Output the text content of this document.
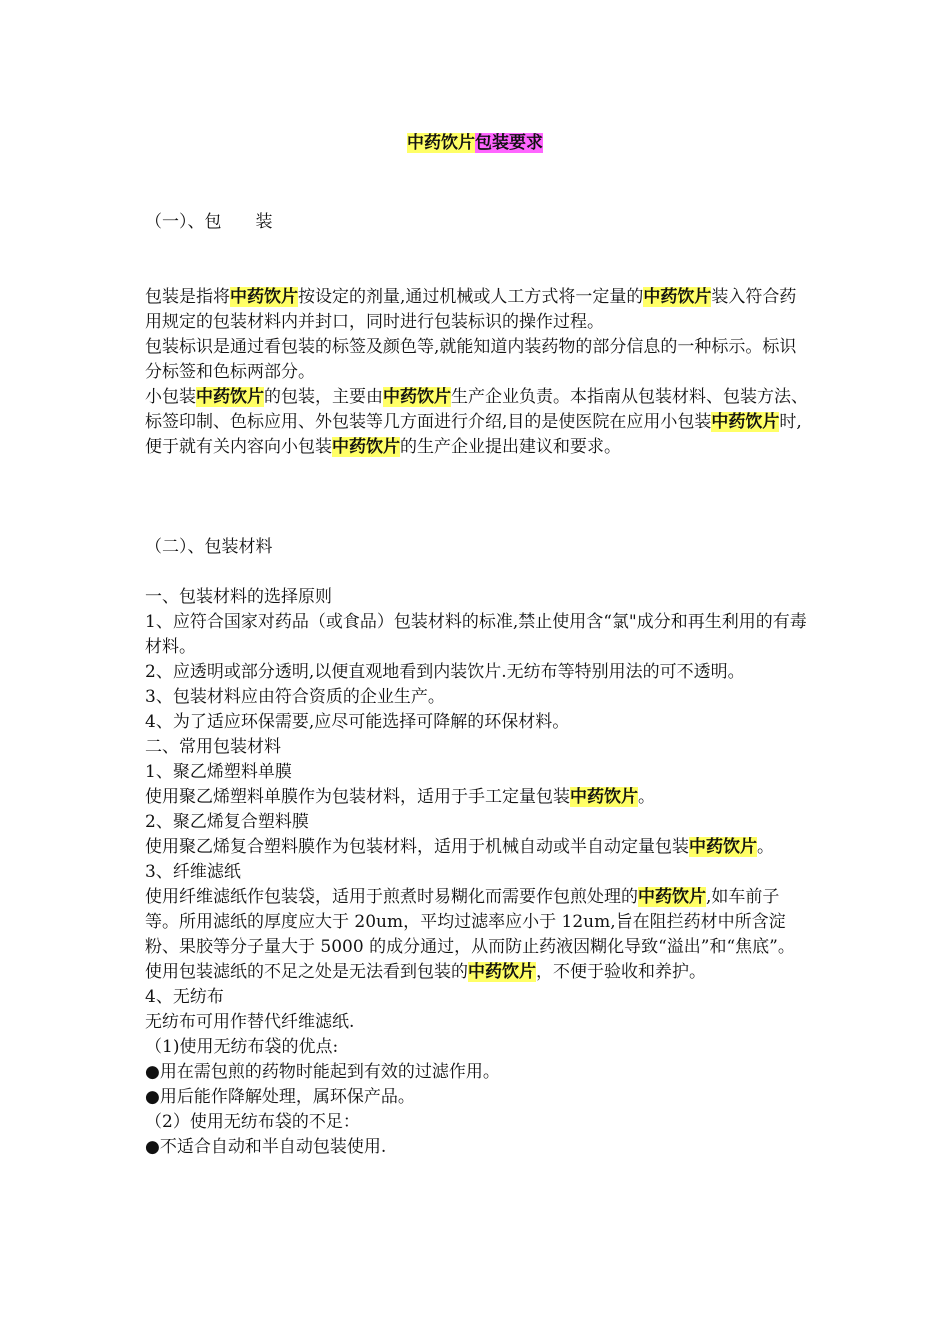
中药饮片包装要求

（一）、包　　装

包装是指将中药饮片按设定的剂量,通过机械或人工方式将一定量的中药饮片装入符合药用规定的包装材料内并封口，同时进行包装标识的操作过程。

包装标识是通过看包装的标签及颜色等,就能知道内装药物的部分信息的一种标示。标识分标签和色标两部分。

小包装中药饮片的包装，主要由中药饮片生产企业负责。本指南从包装材料、包装方法、标签印制、色标应用、外包装等几方面进行介绍,目的是使医院在应用小包装中药饮片时,便于就有关内容向小包装中药饮片的生产企业提出建议和要求。

（二）、包装材料

一、包装材料的选择原则

1、应符合国家对药品（或食品）包装材料的标准,禁止使用含“氯"成分和再生利用的有毒材料。

2、应透明或部分透明,以便直观地看到内装饮片.无纺布等特别用法的可不透明。

3、包装材料应由符合资质的企业生产。

4、为了适应环保需要,应尽可能选择可降解的环保材料。

二、常用包装材料

1、聚乙烯塑料单膜

使用聚乙烯塑料单膜作为包装材料，适用于手工定量包装中药饮片。

2、聚乙烯复合塑料膜

使用聚乙烯复合塑料膜作为包装材料，适用于机械自动或半自动定量包装中药饮片。

3、纤维滤纸

使用纤维滤纸作包装袋，适用于煎煮时易糊化而需要作包煎处理的中药饮片,如车前子等。所用滤纸的厚度应大于 20um，平均过滤率应小于 12um,旨在阻拦药材中所含淀粉、果胶等分子量大于 5000 的成分通过，从而防止药液因糊化导致“溢出”和“焦底”。使用包装滤纸的不足之处是无法看到包装的中药饮片，不便于验收和养护。

4、无纺布

无纺布可用作替代纤维滤纸.

（1)使用无纺布袋的优点:

●用在需包煎的药物时能起到有效的过滤作用。

●用后能作降解处理，属环保产品。

（2）使用无纺布袋的不足：

●不适合自动和半自动包装使用.
